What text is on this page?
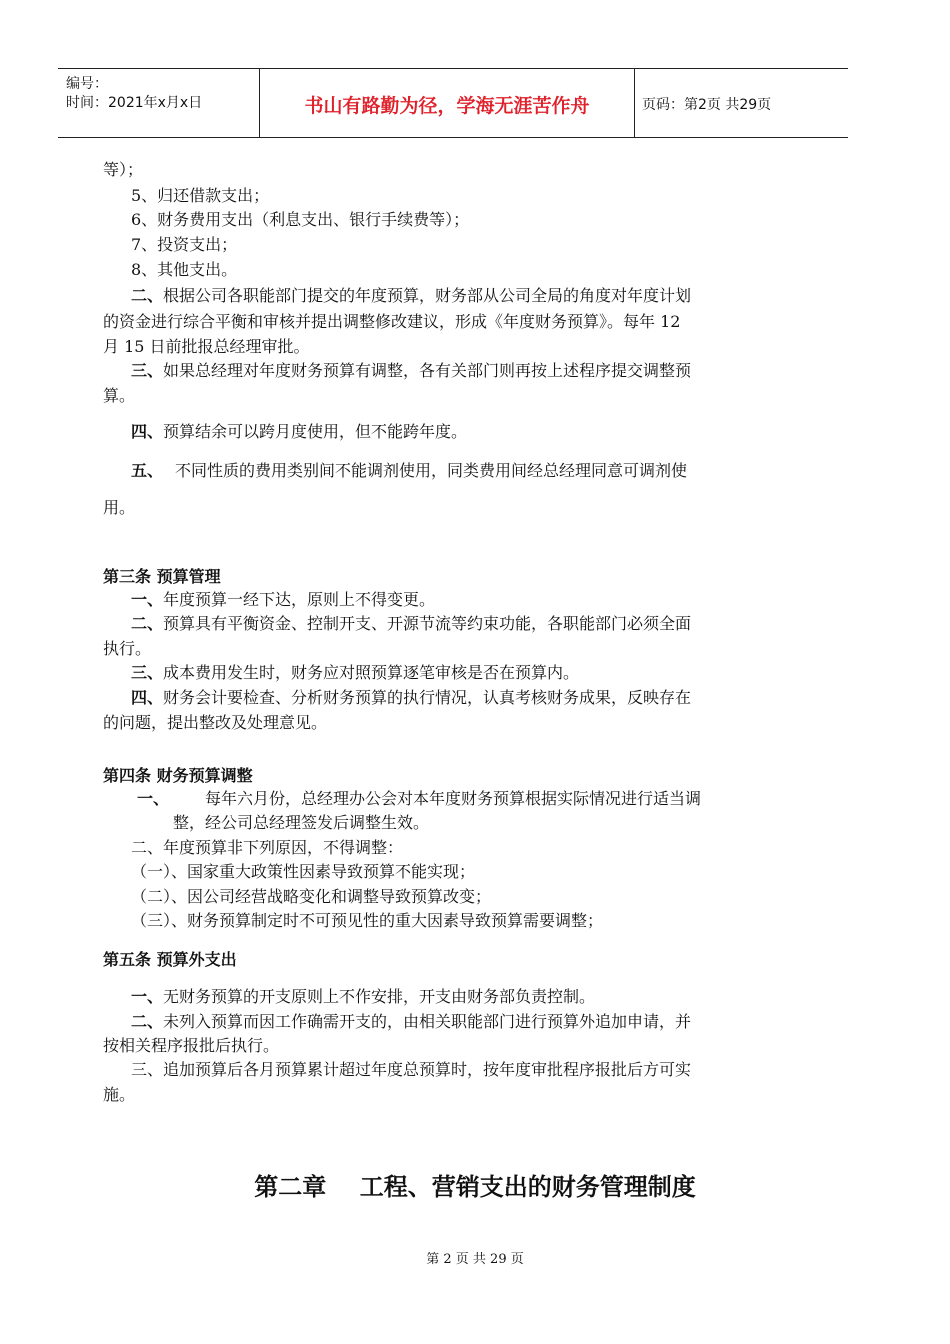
编号：
时间：2021年x月x日	书山有路勤为径，学海无涯苦作舟	页码：第2页 共29页
等）；
5、归还借款支出；
6、财务费用支出（利息支出、银行手续费等）；
7、投资支出；
8、其他支出。
二、根据公司各职能部门提交的年度预算，财务部从公司全局的角度对年度计划
的资金进行综合平衡和审核并提出调整修改建议，形成《年度财务预算》。每年 12
月 15 日前批报总经理审批。
三、如果总经理对年度财务预算有调整，各有关部门则再按上述程序提交调整预
算。
四、预算结余可以跨月度使用，但不能跨年度。
五、 不同性质的费用类别间不能调剂使用，同类费用间经总经理同意可调剂使
用。
第三条 预算管理
一、年度预算一经下达，原则上不得变更。
二、预算具有平衡资金、控制开支、开源节流等约束功能，各职能部门必须全面
执行。
三、成本费用发生时，财务应对照预算逐笔审核是否在预算内。
四、财务会计要检查、分析财务预算的执行情况，认真考核财务成果，反映存在
的问题，提出整改及处理意见。
第四条 财务预算调整
一、 每年六月份，总经理办公会对本年度财务预算根据实际情况进行适当调
整，经公司总经理签发后调整生效。
二、年度预算非下列原因，不得调整：
（一）、国家重大政策性因素导致预算不能实现；
（二）、因公司经营战略变化和调整导致预算改变；
（三）、财务预算制定时不可预见性的重大因素导致预算需要调整；
第五条 预算外支出
一、无财务预算的开支原则上不作安排，开支由财务部负责控制。
二、未列入预算而因工作确需开支的，由相关职能部门进行预算外追加申请，并
按相关程序报批后执行。
三、追加预算后各月预算累计超过年度总预算时，按年度审批程序报批后方可实
施。
第二章    工程、营销支出的财务管理制度
第 2 页 共 29 页
